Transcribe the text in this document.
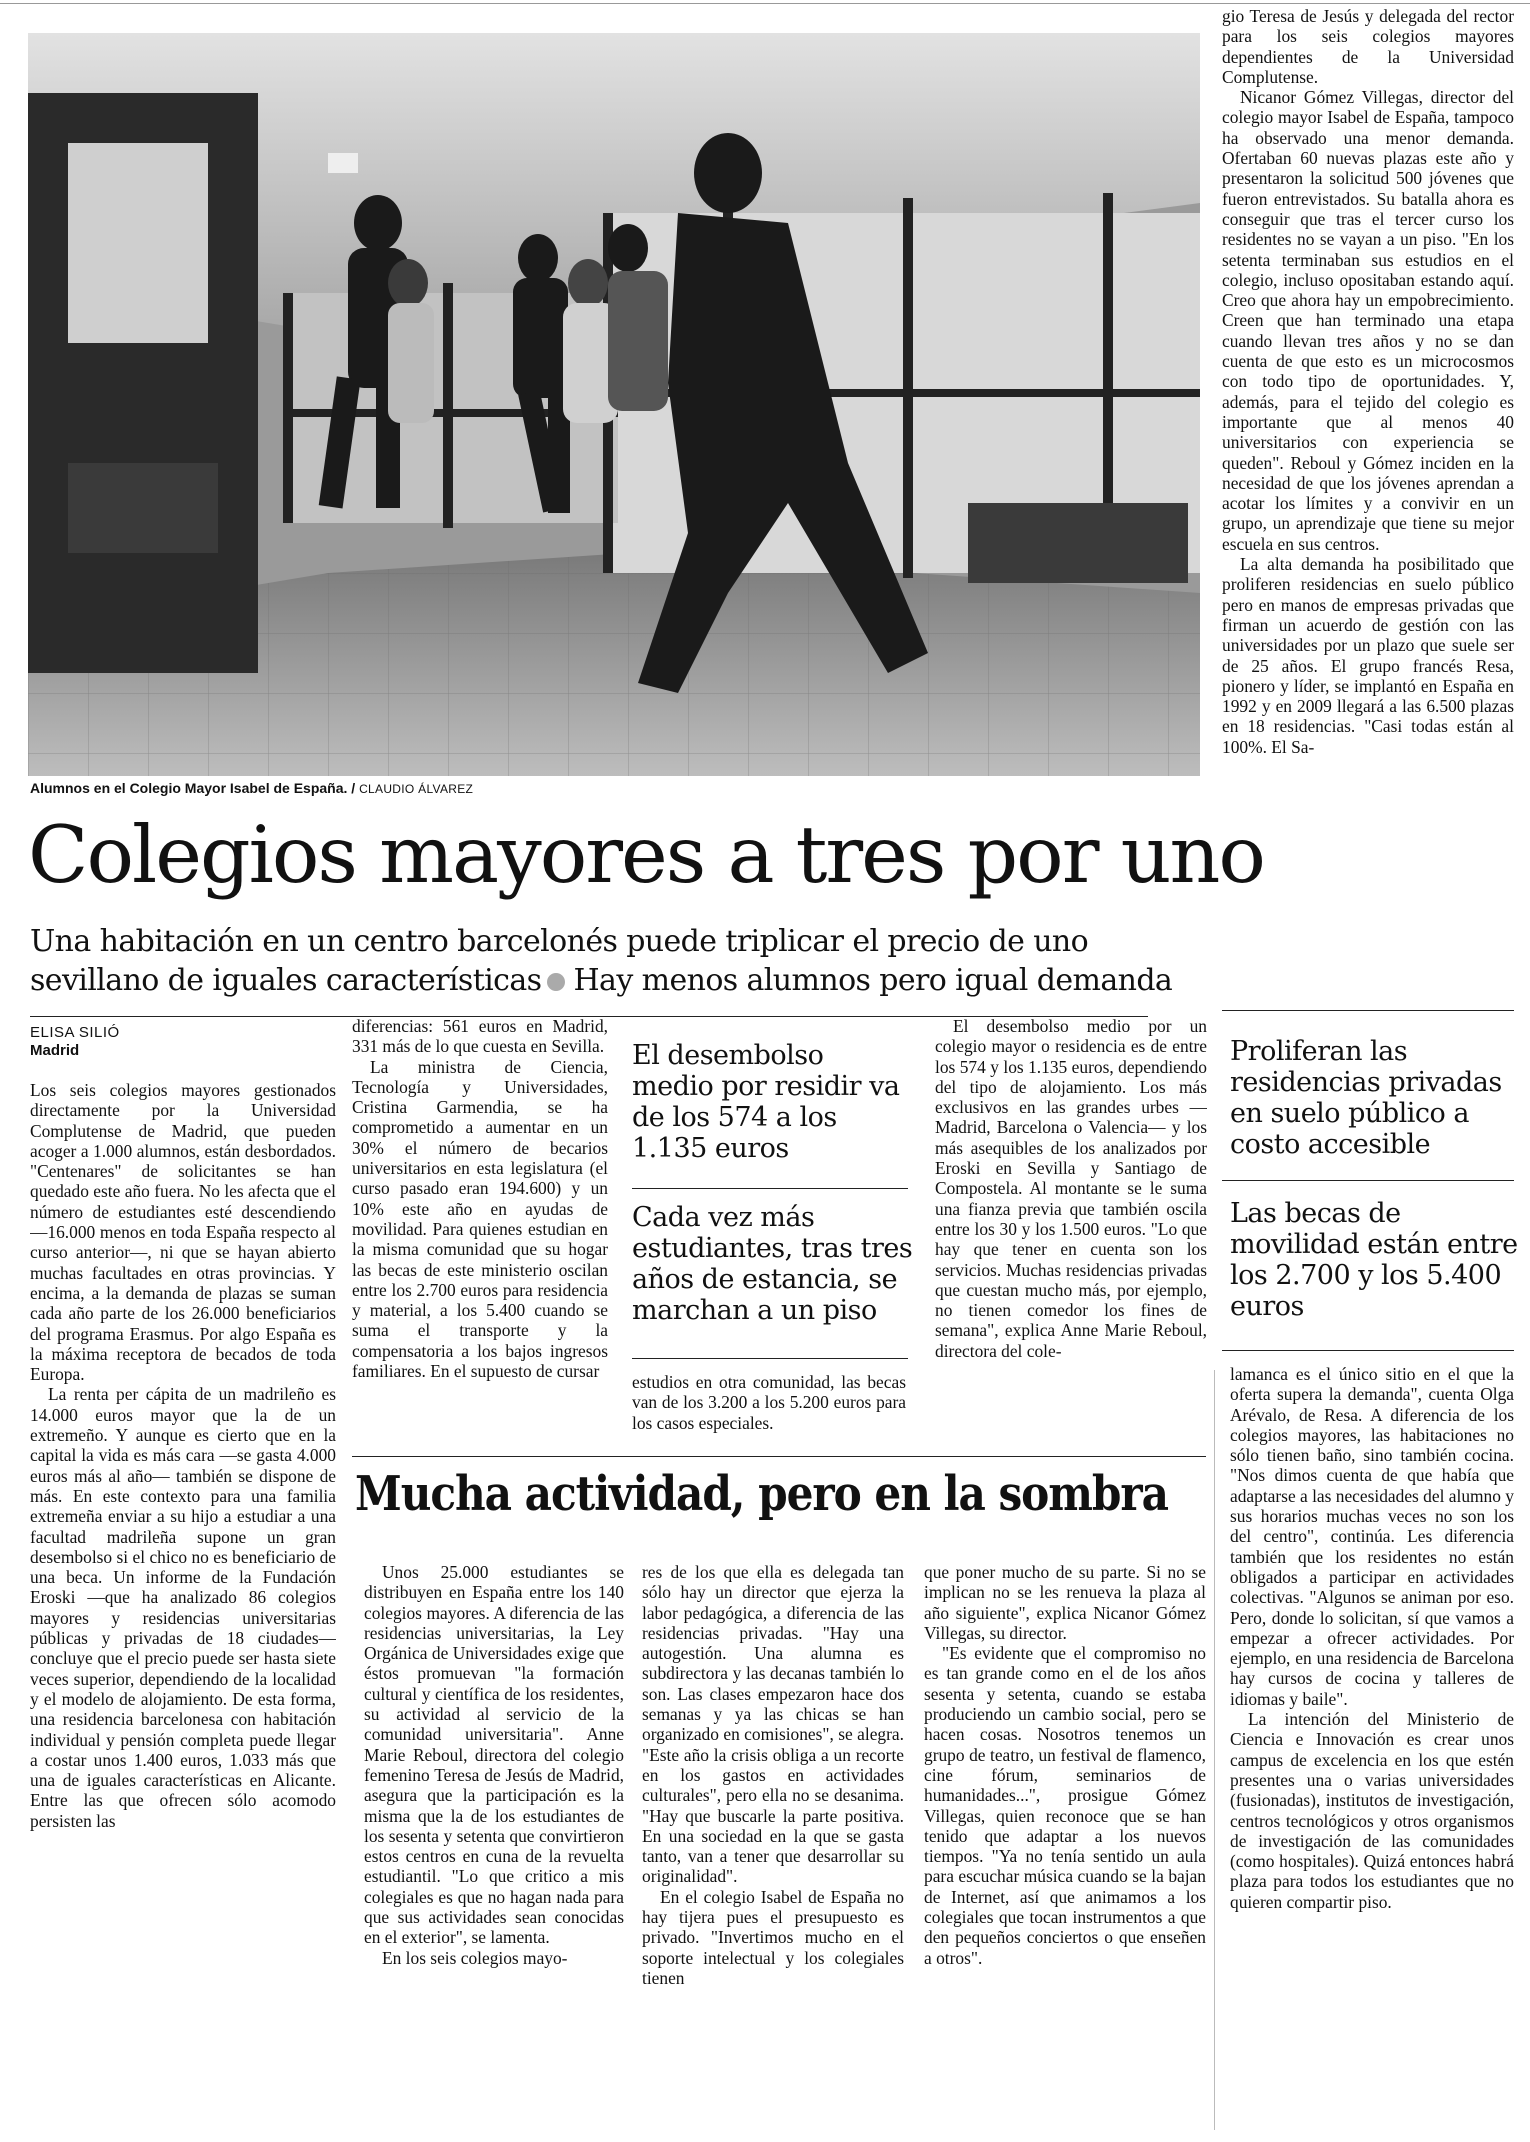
Alumnos en el Colegio Mayor Isabel de España. / CLAUDIO ÁLVAREZ
Colegios mayores a tres por uno
Una habitación en un centro barcelonés puede triplicar el precio de uno
sevillano de iguales características Hay menos alumnos pero igual demanda
ELISA SILIÓ
Madrid

Los seis colegios mayores gestionados directamente por la Universidad Complutense de Madrid, que pueden acoger a 1.000 alumnos, están desbordados. "Centenares" de solicitantes se han quedado este año fuera. No les afecta que el número de estudiantes esté descendiendo —16.000 menos en toda España respecto al curso anterior—, ni que se hayan abierto muchas facultades en otras provincias. Y encima, a la demanda de plazas se suman cada año parte de los 26.000 beneficiarios del programa Erasmus. Por algo España es la máxima receptora de becados de toda Europa.

La renta per cápita de un madrileño es 14.000 euros mayor que la de un extremeño. Y aunque es cierto que en la capital la vida es más cara —se gasta 4.000 euros más al año— también se dispone de más. En este contexto para una familia extremeña enviar a su hijo a estudiar a una facultad madrileña supone un gran desembolso si el chico no es beneficiario de una beca. Un informe de la Fundación Eroski —que ha analizado 86 colegios mayores y residencias universitarias públicas y privadas de 18 ciudades— concluye que el precio puede ser hasta siete veces superior, dependiendo de la localidad y el modelo de alojamiento. De esta forma, una residencia barcelonesa con habitación individual y pensión completa puede llegar a costar unos 1.400 euros, 1.033 más que una de iguales características en Alicante. Entre las que ofrecen sólo acomodo persisten las

diferencias: 561 euros en Madrid, 331 más de lo que cuesta en Sevilla.

La ministra de Ciencia, Tecnología y Universidades, Cristina Garmendia, se ha comprometido a aumentar en un 30% el número de becarios universitarios en esta legislatura (el curso pasado eran 194.600) y un 10% este año en ayudas de movilidad. Para quienes estudian en la misma comunidad que su hogar las becas de este ministerio oscilan entre los 2.700 euros para residencia y material, a los 5.400 cuando se suma el transporte y la compensatoria a los bajos ingresos familiares. En el supuesto de cursar

El desembolso medio por residir va de los 574 a los 1.135 euros
Cada vez más estudiantes, tras tres años de estancia, se marchan a un piso

estudios en otra comunidad, las becas van de los 3.200 a los 5.200 euros para los casos especiales.

El desembolso medio por un colegio mayor o residencia es de entre los 574 y los 1.135 euros, dependiendo del tipo de alojamiento. Los más exclusivos en las grandes urbes —Madrid, Barcelona o Valencia— y los más asequibles de los analizados por Eroski en Sevilla y Santiago de Compostela. Al montante se le suma una fianza previa que también oscila entre los 30 y los 1.500 euros. "Lo que hay que tener en cuenta son los servicios. Muchas residencias privadas que cuestan mucho más, por ejemplo, no tienen comedor los fines de semana", explica Anne Marie Reboul, directora del cole-

gio Teresa de Jesús y delegada del rector para los seis colegios mayores dependientes de la Universidad Complutense.

Nicanor Gómez Villegas, director del colegio mayor Isabel de España, tampoco ha observado una menor demanda. Ofertaban 60 nuevas plazas este año y presentaron la solicitud 500 jóvenes que fueron entrevistados. Su batalla ahora es conseguir que tras el tercer curso los residentes no se vayan a un piso. "En los setenta terminaban sus estudios en el colegio, incluso opositaban estando aquí. Creo que ahora hay un empobrecimiento. Creen que han terminado una etapa cuando llevan tres años y no se dan cuenta de que esto es un microcosmos con todo tipo de oportunidades. Y, además, para el tejido del colegio es importante que al menos 40 universitarios con experiencia se queden". Reboul y Gómez inciden en la necesidad de que los jóvenes aprendan a acotar los límites y a convivir en un grupo, un aprendizaje que tiene su mejor escuela en sus centros.

La alta demanda ha posibilitado que proliferen residencias en suelo público pero en manos de empresas privadas que firman un acuerdo de gestión con las universidades por un plazo que suele ser de 25 años. El grupo francés Resa, pionero y líder, se implantó en España en 1992 y en 2009 llegará a las 6.500 plazas en 18 residencias. "Casi todas están al 100%. El Sa-

Proliferan las residencias privadas en suelo público a costo accesible
Las becas de movilidad están entre los 2.700 y los 5.400 euros

lamanca es el único sitio en el que la oferta supera la demanda", cuenta Olga Arévalo, de Resa. A diferencia de los colegios mayores, las habitaciones no sólo tienen baño, sino también cocina. "Nos dimos cuenta de que había que adaptarse a las necesidades del alumno y sus horarios muchas veces no son los del centro", continúa. Les diferencia también que los residentes no están obligados a participar en actividades colectivas. "Algunos se animan por eso. Pero, donde lo solicitan, sí que vamos a empezar a ofrecer actividades. Por ejemplo, en una residencia de Barcelona hay cursos de cocina y talleres de idiomas y baile".

La intención del Ministerio de Ciencia e Innovación es crear unos campus de excelencia en los que estén presentes una o varias universidades (fusionadas), institutos de investigación, centros tecnológicos y otros organismos de investigación de las comunidades (como hospitales). Quizá entonces habrá plaza para todos los estudiantes que no quieren compartir piso.

Mucha actividad, pero en la sombra

Unos 25.000 estudiantes se distribuyen en España entre los 140 colegios mayores. A diferencia de las residencias universitarias, la Ley Orgánica de Universidades exige que éstos promuevan "la formación cultural y científica de los residentes, su actividad al servicio de la comunidad universitaria". Anne Marie Reboul, directora del colegio femenino Teresa de Jesús de Madrid, asegura que la participación es la misma que la de los estudiantes de los sesenta y setenta que convirtieron estos centros en cuna de la revuelta estudiantil. "Lo que critico a mis colegiales es que no hagan nada para que sus actividades sean conocidas en el exterior", se lamenta.

En los seis colegios mayo-

res de los que ella es delegada tan sólo hay un director que ejerza la labor pedagógica, a diferencia de las residencias privadas. "Hay una autogestión. Una alumna es subdirectora y las decanas también lo son. Las clases empezaron hace dos semanas y ya las chicas se han organizado en comisiones", se alegra. "Este año la crisis obliga a un recorte en los gastos en actividades culturales", pero ella no se desanima. "Hay que buscarle la parte positiva. En una sociedad en la que se gasta tanto, van a tener que desarrollar su originalidad".

En el colegio Isabel de España no hay tijera pues el presupuesto es privado. "Invertimos mucho en el soporte intelectual y los colegiales tienen

que poner mucho de su parte. Si no se implican no se les renueva la plaza al año siguiente", explica Nicanor Gómez Villegas, su director.

"Es evidente que el compromiso no es tan grande como en el de los años sesenta y setenta, cuando se estaba produciendo un cambio social, pero se hacen cosas. Nosotros tenemos un grupo de teatro, un festival de flamenco, cine fórum, seminarios de humanidades...", prosigue Gómez Villegas, quien reconoce que se han tenido que adaptar a los nuevos tiempos. "Ya no tenía sentido un aula para escuchar música cuando se la bajan de Internet, así que animamos a los colegiales que tocan instrumentos a que den pequeños conciertos o que enseñen a otros".
